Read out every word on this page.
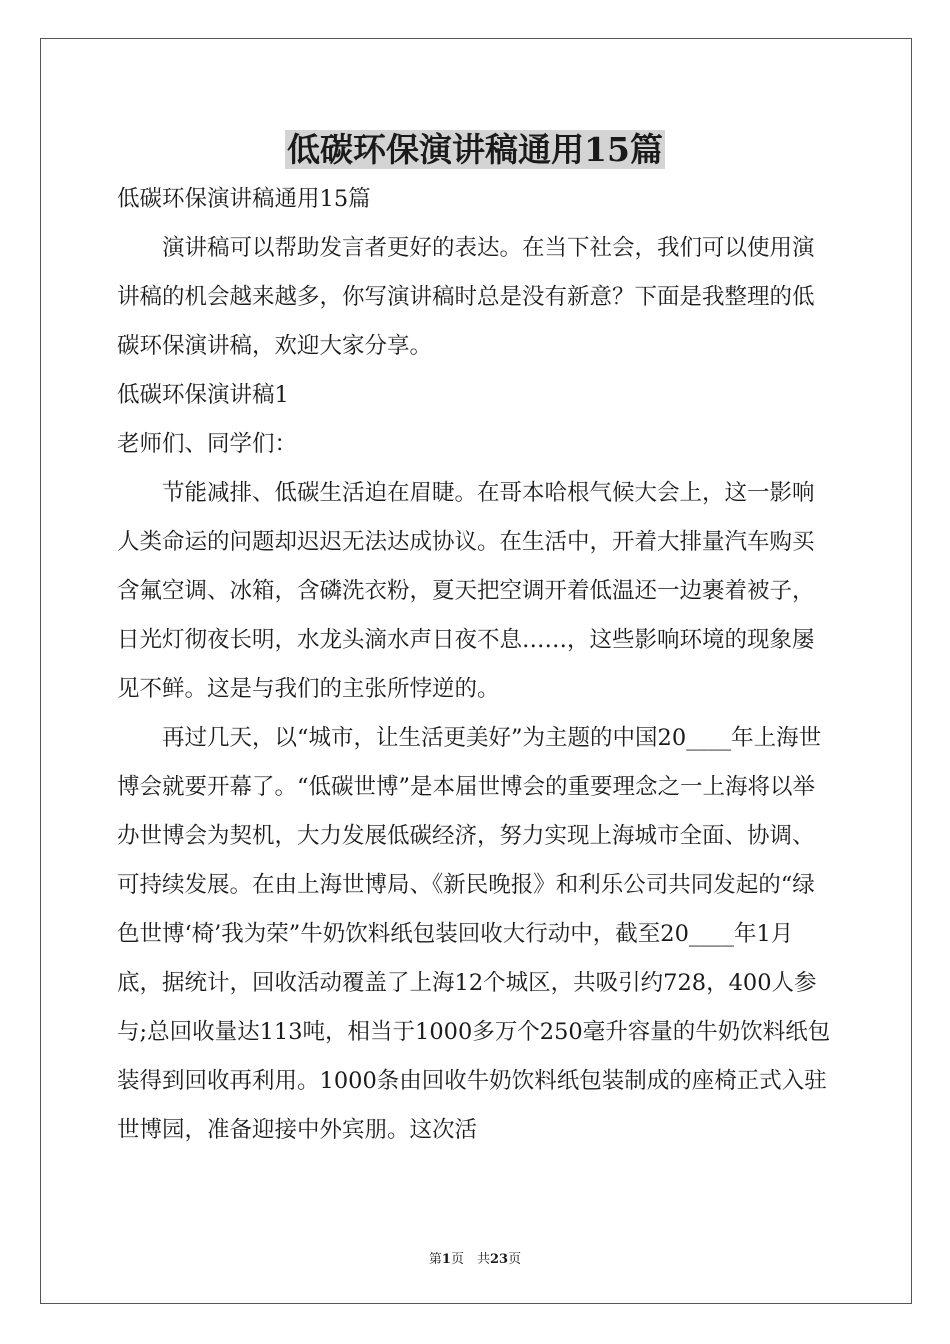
低碳环保演讲稿通用15篇

低碳环保演讲稿通用15篇

演讲稿可以帮助发言者更好的表达。在当下社会，我们可以使用演讲稿的机会越来越多，你写演讲稿时总是没有新意？下面是我整理的低碳环保演讲稿，欢迎大家分享。

低碳环保演讲稿1

老师们、同学们：

节能减排、低碳生活迫在眉睫。在哥本哈根气候大会上，这一影响人类命运的问题却迟迟无法达成协议。在生活中，开着大排量汽车购买含氟空调、冰箱，含磷洗衣粉，夏天把空调开着低温还一边裹着被子，日光灯彻夜长明，水龙头滴水声日夜不息……，这些影响环境的现象屡见不鲜。这是与我们的主张所悖逆的。

再过几天，以“城市，让生活更美好”为主题的中国20____年上海世博会就要开幕了。“低碳世博”是本届世博会的重要理念之一上海将以举办世博会为契机，大力发展低碳经济，努力实现上海城市全面、协调、可持续发展。在由上海世博局、《新民晚报》和利乐公司共同发起的“绿色世博‘椅’我为荣”牛奶饮料纸包装回收大行动中，截至20____年1月底，据统计，回收活动覆盖了上海12个城区，共吸引约728，400人参与;总回收量达113吨，相当于1000多万个250毫升容量的牛奶饮料纸包装得到回收再利用。1000条由回收牛奶饮料纸包装制成的座椅正式入驻世博园，准备迎接中外宾朋。这次活

第1页　共23页
